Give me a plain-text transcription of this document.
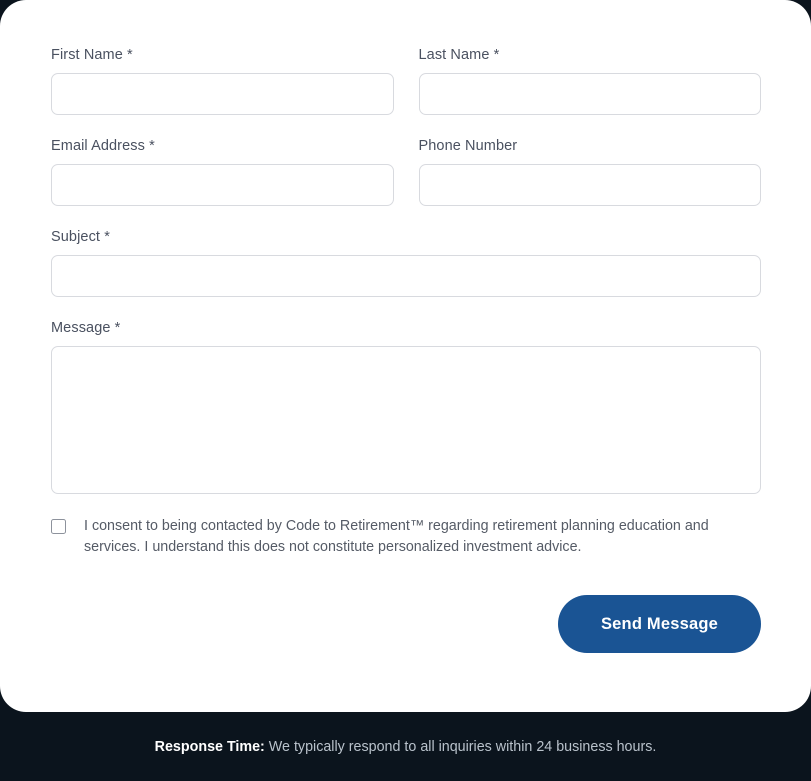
First Name *	Last Name *
Email Address *	Phone Number
Subject *
Message *
I consent to being contacted by Code to Retirement™ regarding retirement planning education and services. I understand this does not constitute personalized investment advice.
Send Message
Response Time: We typically respond to all inquiries within 24 business hours.
